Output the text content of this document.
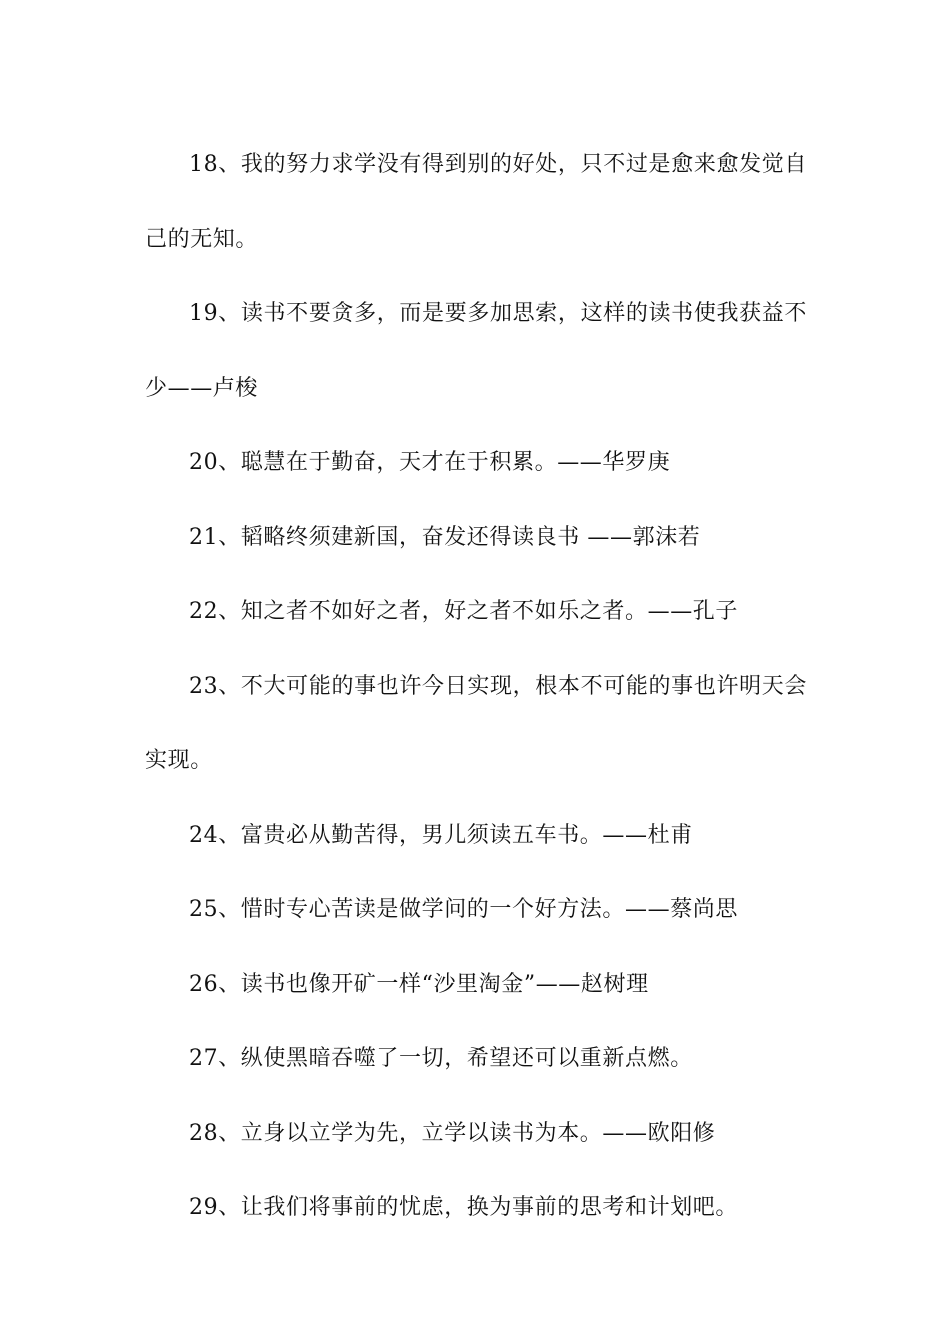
18、我的努力求学没有得到别的好处，只不过是愈来愈发觉自己的无知。

19、读书不要贪多，而是要多加思索，这样的读书使我获益不少——卢梭

20、聪慧在于勤奋，天才在于积累。——华罗庚

21、韬略终须建新国，奋发还得读良书 ——郭沫若

22、知之者不如好之者，好之者不如乐之者。——孔子

23、不大可能的事也许今日实现，根本不可能的事也许明天会实现。

24、富贵必从勤苦得，男儿须读五车书。——杜甫

25、惜时专心苦读是做学问的一个好方法。——蔡尚思

26、读书也像开矿一样“沙里淘金”——赵树理

27、纵使黑暗吞噬了一切，希望还可以重新点燃。

28、立身以立学为先，立学以读书为本。——欧阳修

29、让我们将事前的忧虑，换为事前的思考和计划吧。
